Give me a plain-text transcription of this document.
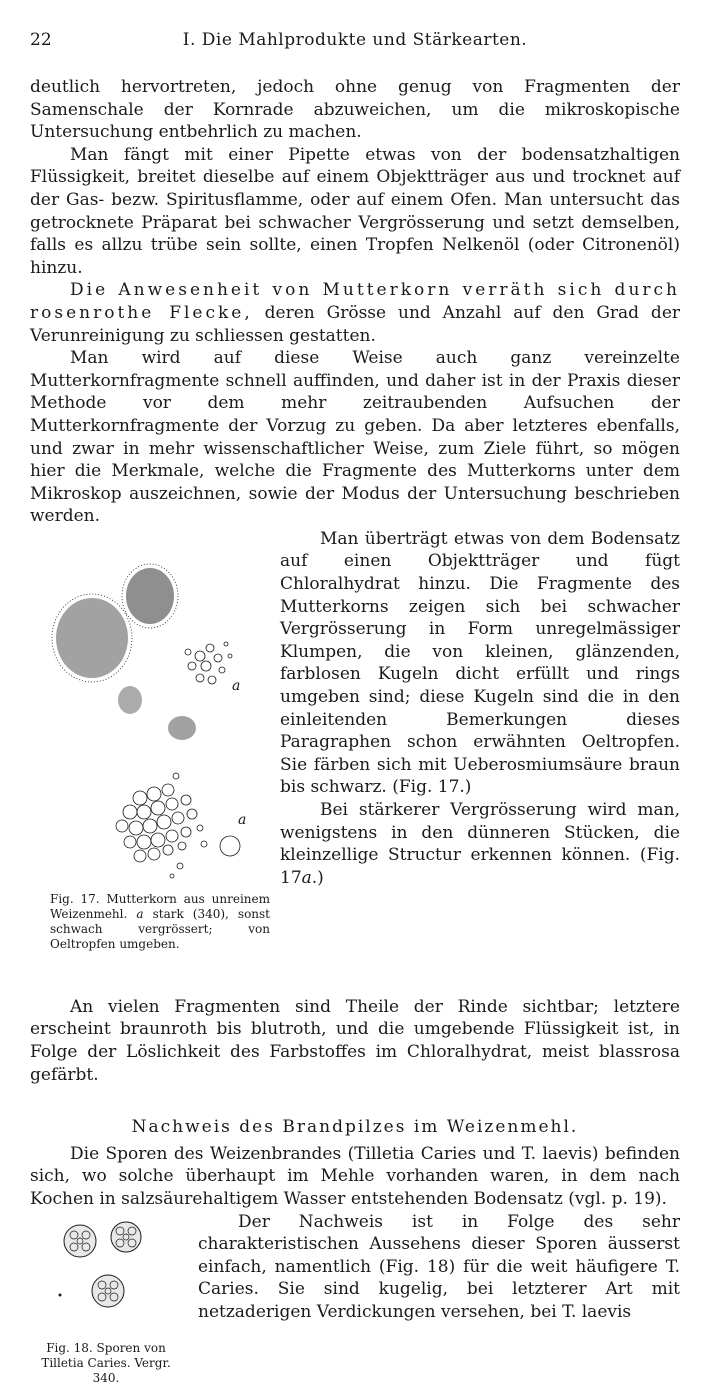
22	I. Die Mahlprodukte und Stärkearten.

deutlich hervortreten, jedoch ohne genug von Fragmenten der Samenschale der Kornrade abzuweichen, um die mikroskopische Untersuchung entbehrlich zu machen.

Man fängt mit einer Pipette etwas von der bodensatzhaltigen Flüssigkeit, breitet dieselbe auf einem Objektträger aus und trocknet auf der Gas- bezw. Spiritusflamme, oder auf einem Ofen. Man untersucht das getrocknete Präparat bei schwacher Vergrösserung und setzt demselben, falls es allzu trübe sein sollte, einen Tropfen Nelkenöl (oder Citronenöl) hinzu.

Die Anwesenheit von Mutterkorn verräth sich durch rosenrothe Flecke, deren Grösse und Anzahl auf den Grad der Verunreinigung zu schliessen gestatten.

Man wird auf diese Weise auch ganz vereinzelte Mutterkornfragmente schnell auffinden, und daher ist in der Praxis dieser Methode vor dem mehr zeitraubenden Aufsuchen der Mutterkornfragmente der Vorzug zu geben. Da aber letzteres ebenfalls, und zwar in mehr wissenschaftlicher Weise, zum Ziele führt, so mögen hier die Merkmale, welche die Fragmente des Mutterkorns unter dem Mikroskop auszeichnen, sowie der Modus der Untersuchung beschrieben werden.

a
a
Fig. 17. Mutterkorn aus unreinem Weizenmehl. a stark (340), sonst schwach vergrössert; von Oeltropfen umgeben.

Man überträgt etwas von dem Bodensatz auf einen Objektträger und fügt Chloralhydrat hinzu. Die Fragmente des Mutterkorns zeigen sich bei schwacher Vergrösserung in Form unregelmässiger Klumpen, die von kleinen, glänzenden, farblosen Kugeln dicht erfüllt und rings umgeben sind; diese Kugeln sind die in den einleitenden Bemerkungen dieses Paragraphen schon erwähnten Oeltropfen. Sie färben sich mit Ueberosmiumsäure braun bis schwarz. (Fig. 17.)

Bei stärkerer Vergrösserung wird man, wenigstens in den dünneren Stücken, die kleinzellige Structur erkennen können. (Fig. 17a.)

An vielen Fragmenten sind Theile der Rinde sichtbar; letztere erscheint braunroth bis blutroth, und die umgebende Flüssigkeit ist, in Folge der Löslichkeit des Farbstoffes im Chloralhydrat, meist blassrosa gefärbt.

Nachweis des Brandpilzes im Weizenmehl.

Die Sporen des Weizenbrandes (Tilletia Caries und T. laevis) befinden sich, wo solche überhaupt im Mehle vorhanden waren, in dem nach Kochen in salzsäurehaltigem Wasser entstehenden Bodensatz (vgl. p. 19).

Fig. 18. Sporen von Tilletia Caries. Vergr. 340.

Der Nachweis ist in Folge des sehr charakteristischen Aussehens dieser Sporen äusserst einfach, namentlich (Fig. 18) für die weit häufigere T. Caries. Sie sind kugelig, bei letzterer Art mit netzaderigen Verdickungen versehen, bei T. laevis
